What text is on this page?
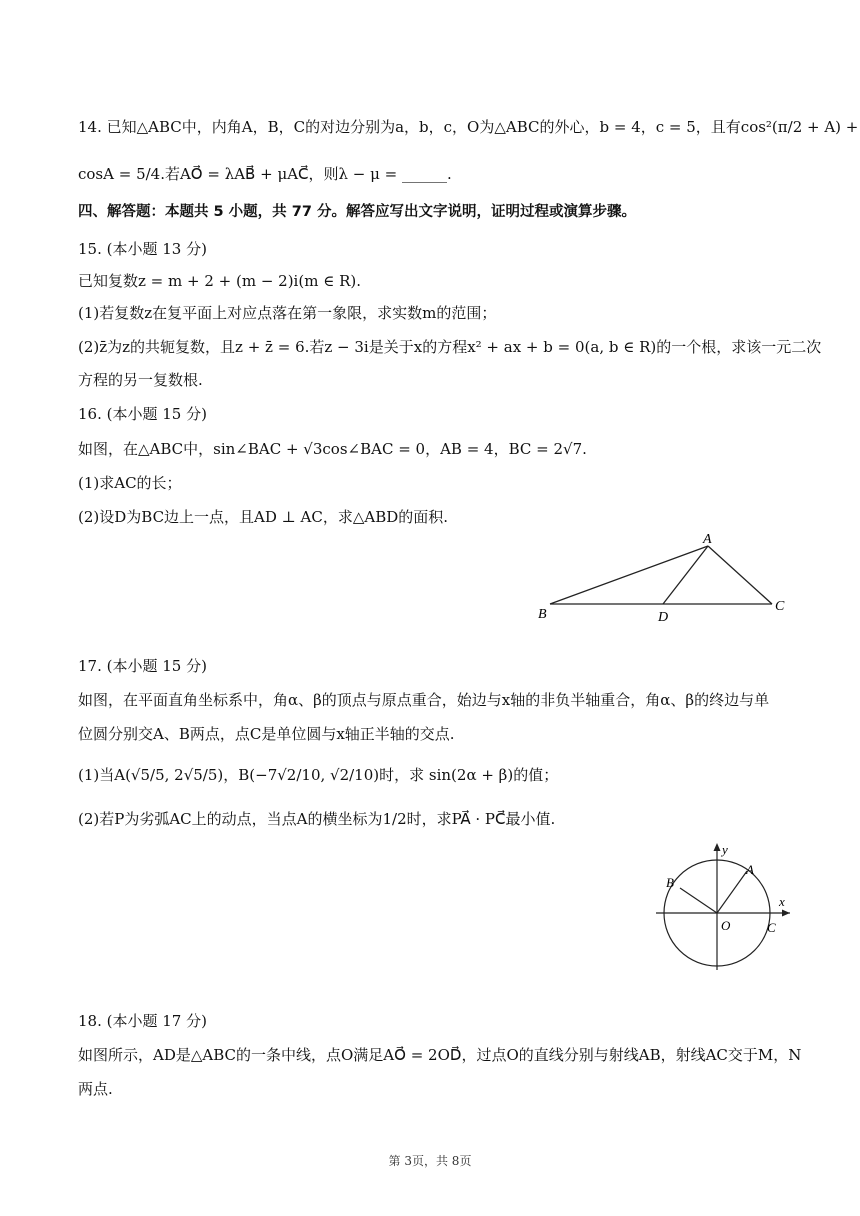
14. 已知△ABC中，内角A，B，C的对边分别为a，b，c，O为△ABC的外心，b = 4，c = 5，且有cos²(π/2 + A) +
cosA = 5/4.若AO⃗ = λAB⃗ + μAC⃗，则λ − μ = ______.
四、解答题：本题共 5 小题，共 77 分。解答应写出文字说明，证明过程或演算步骤。
15. (本小题 13 分)
已知复数z = m + 2 + (m − 2)i(m ∈ R).
(1)若复数z在复平面上对应点落在第一象限，求实数m的范围；
(2)z̄为z的共轭复数，且z + z̄ = 6.若z − 3i是关于x的方程x² + ax + b = 0(a, b ∈ R)的一个根，求该一元二次
方程的另一复数根.
16. (本小题 15 分)
如图，在△ABC中，sin∠BAC + √3cos∠BAC = 0，AB = 4，BC = 2√7.
(1)求AC的长；
(2)设D为BC边上一点，且AD ⊥ AC，求△ABD的面积.
A
B
C
D
17. (本小题 15 分)
如图，在平面直角坐标系中，角α、β的顶点与原点重合，始边与x轴的非负半轴重合，角α、β的终边与单
位圆分别交A、B两点，点C是单位圆与x轴正半轴的交点.
(1)当A(√5/5, 2√5/5)，B(−7√2/10, √2/10)时，求 sin(2α + β)的值；
(2)若P为劣弧AC上的动点，当点A的横坐标为1/2时，求PA⃗ · PC⃗最小值.
y
x
A
B
O	C
18. (本小题 17 分)
如图所示，AD是△ABC的一条中线，点O满足AO⃗ = 2OD⃗，过点O的直线分别与射线AB，射线AC交于M，N
两点.
第 3页，共 8页
